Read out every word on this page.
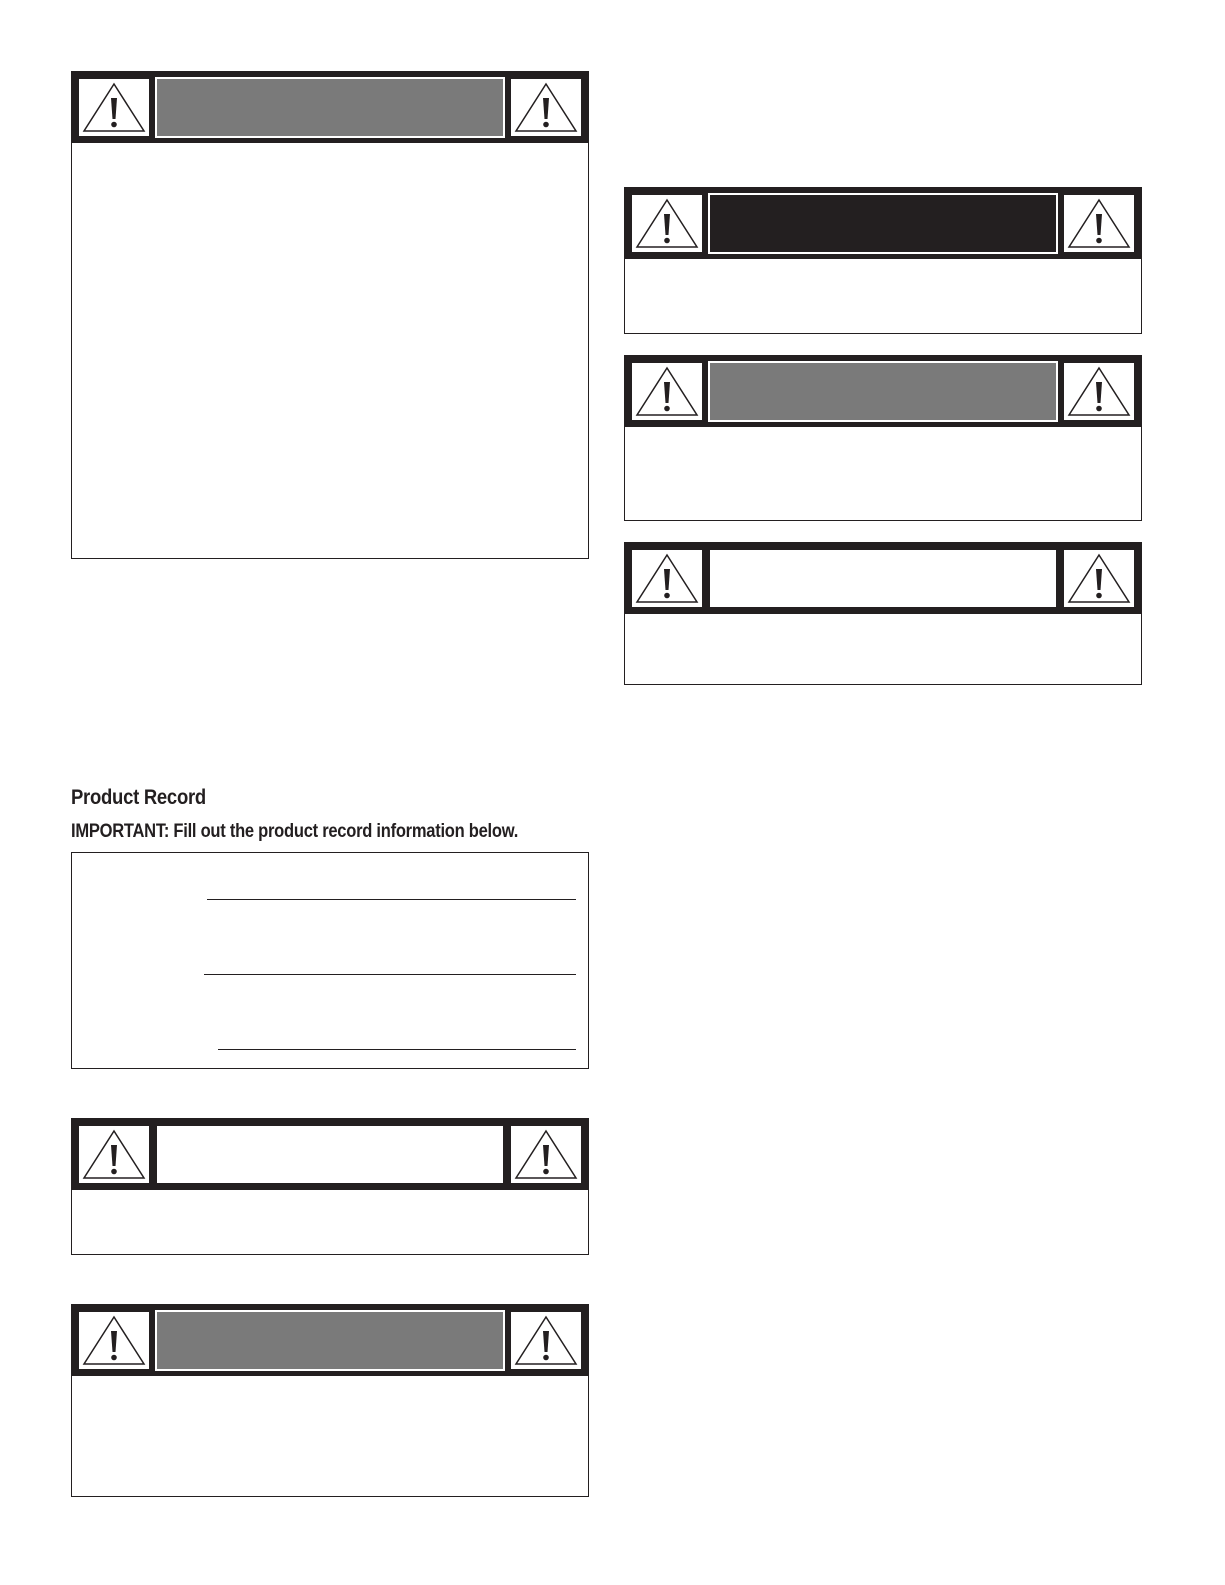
Product Record

IMPORTANT: Fill out the product record information below.
